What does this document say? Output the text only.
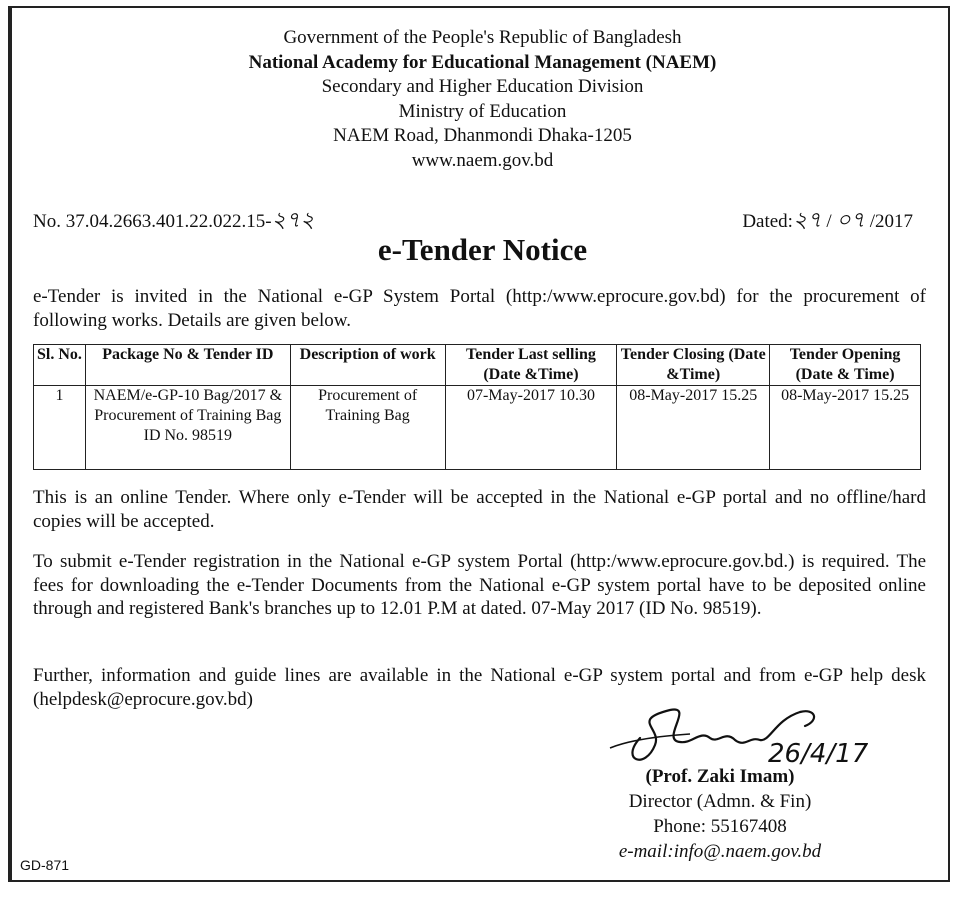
Government of the People's Republic of Bangladesh
National Academy for Educational Management (NAEM)
Secondary and Higher Education Division
Ministry of Education
NAEM Road, Dhanmondi Dhaka-1205
www.naem.gov.bd
No. 37.04.2663.401.22.022.15-২৭২	Dated:২৭ / ০৭ /2017
e-Tender Notice
e-Tender is invited in the National e-GP System Portal (http:/www.eprocure.gov.bd) for the procurement of following works. Details are given below.
Sl. No.	Package No & Tender ID	Description of work	Tender Last selling (Date &Time)	Tender Closing (Date &Time)	Tender Opening (Date & Time)
1	NAEM/e-GP-10 Bag/2017 & Procurement of Training Bag ID No. 98519	Procurement of Training Bag	07-May-2017 10.30	08-May-2017 15.25	08-May-2017 15.25
This is an online Tender. Where only e-Tender will be accepted in the National e-GP portal and no offline/hard copies will be accepted.
To submit e-Tender registration in the National e-GP system Portal (http:/www.eprocure.gov.bd.) is required. The fees for downloading the e-Tender Documents from the National e-GP system portal have to be deposited online through and registered Bank's branches up to 12.01 P.M at dated. 07-May 2017 (ID No. 98519).
Further, information and guide lines are available in the National e-GP system portal and from e-GP help desk (helpdesk@eprocure.gov.bd)
26/4/17
(Prof. Zaki Imam)
Director (Admn. & Fin)
Phone: 55167408
e-mail:info@.naem.gov.bd
GD-871
